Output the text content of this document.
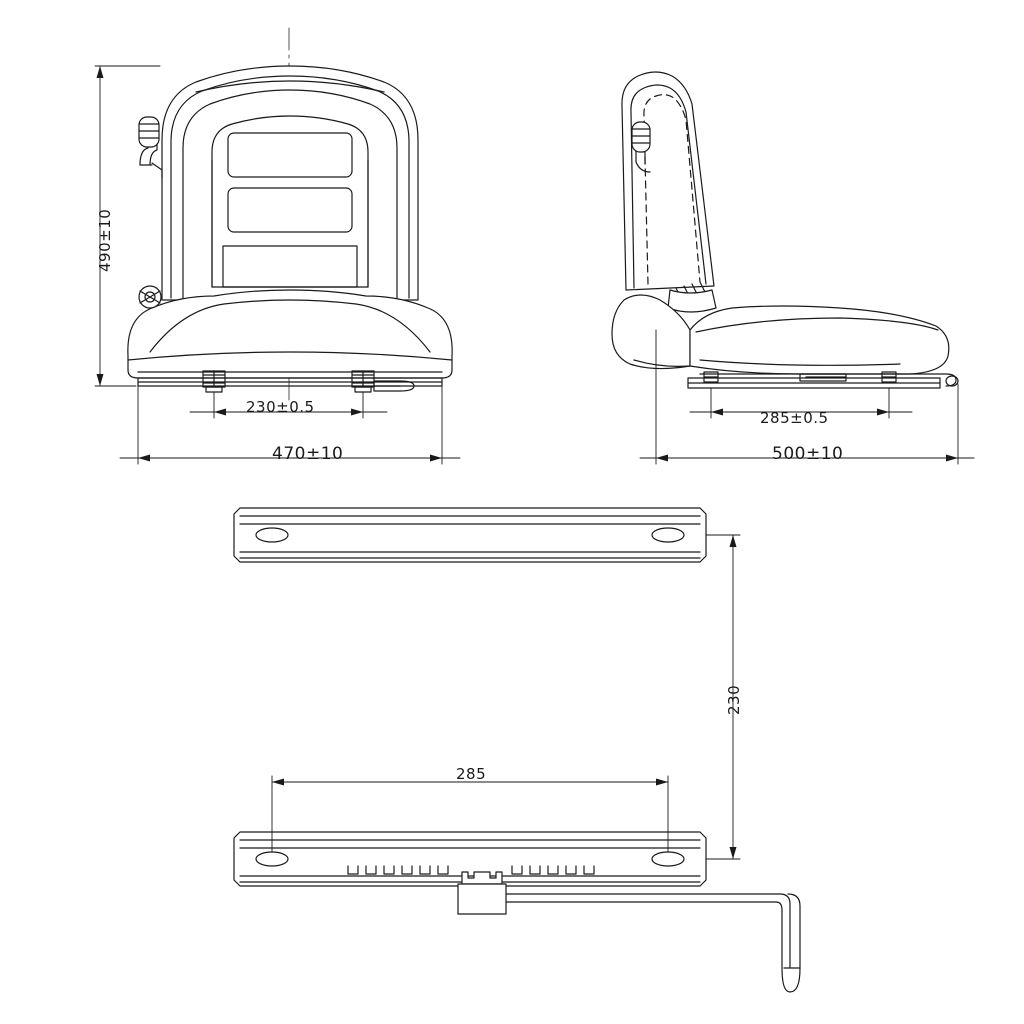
490±10
230±0.5
470±10
285±0.5
500±10
230
285
